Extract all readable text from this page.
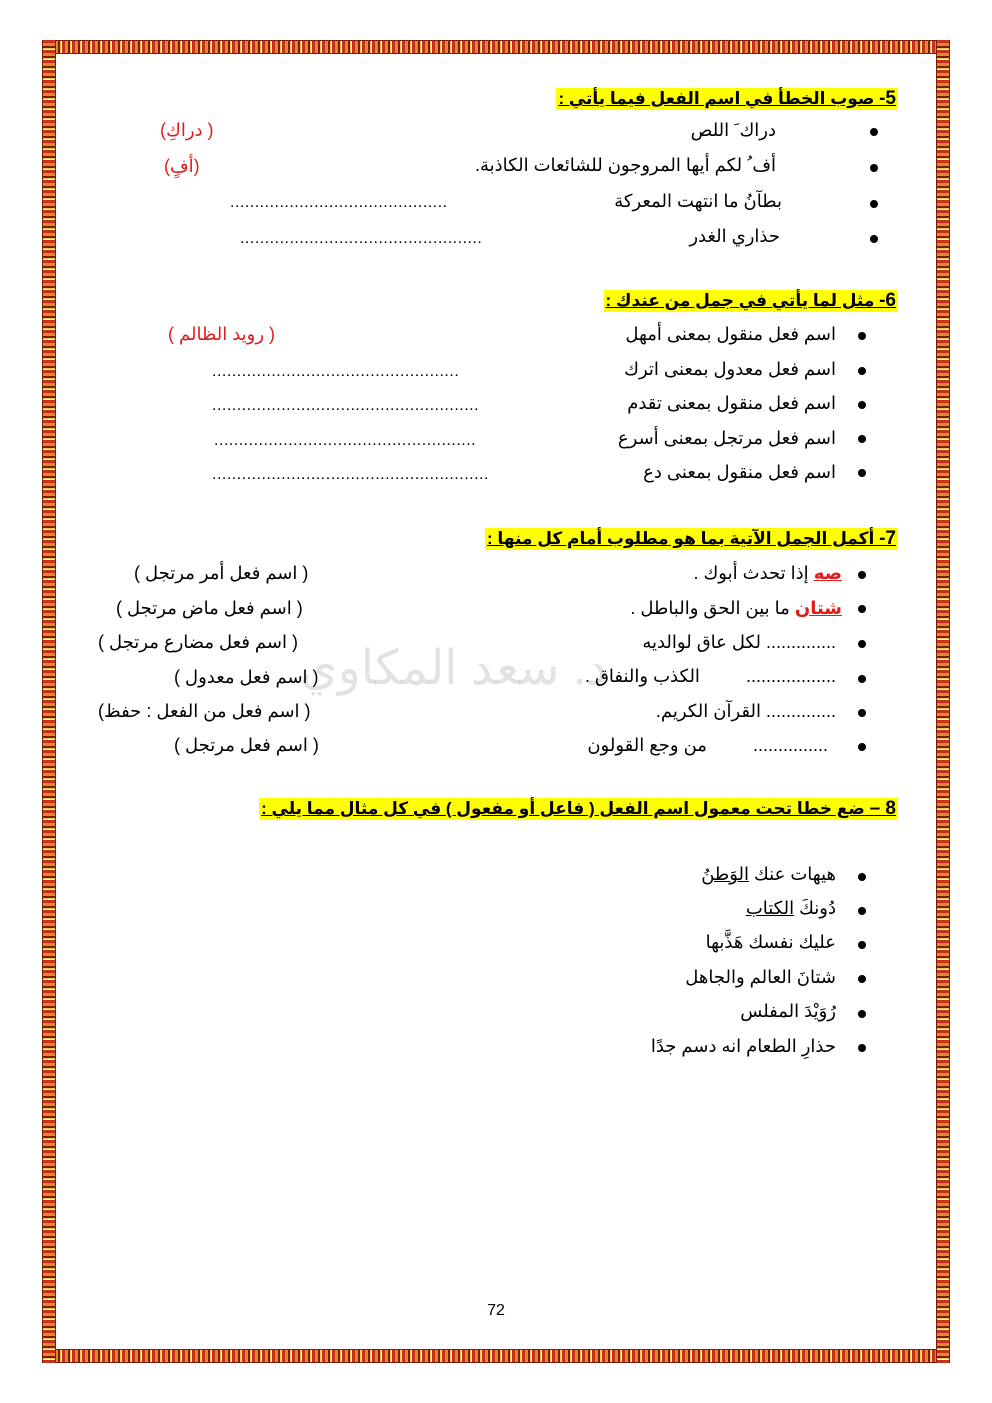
د. سعد المكاوي
5- صوب الخطأ في اسم الفعل فيما يأتي :
دراك َ اللص
( دراكِ)
أف ُ لكم أيها المروجون للشائعات الكاذبة.
(أفٍ)
بطآنُ ما انتهت المعركة
............................................
حذاري الغدر
.................................................
6- مثل لما يأتي في جمل من عندك :
اسم فعل منقول بمعنى أمهل
( رويد الظالم )
اسم فعل معدول بمعنى اترك
..................................................
اسم فعل منقول بمعنى تقدم
......................................................
اسم فعل مرتجل بمعنى أسرع
.....................................................
اسم فعل منقول بمعنى دع
........................................................
7- أكمل الجمل الآتية بما هو مطلوب أمام كل منها :
صه إذا تحدث أبوك .
( اسم فعل أمر مرتجل )
شتان ما بين الحق والباطل .
( اسم فعل ماض مرتجل )
.............. لكل عاق لوالديه
( اسم فعل مضارع مرتجل )
..................  الكذب والنفاق .
( اسم فعل معدول )
.............. القرآن الكريم.
( اسم فعل من الفعل : حفظ)
...............  من وجع القولون
( اسم فعل مرتجل )
8 – ضع خطا تحت معمول اسم الفعل ( فاعل أو مفعول ) في كل مثال مما يلي :
هيهات عنك الوَطنُ
دُونكَ الكتاب
عليك نفسك هَذَّبها
شتانَ العالم والجاهل
رُوَيْدَ المفلس
حذارِ الطعام انه دسم جدًا
72
